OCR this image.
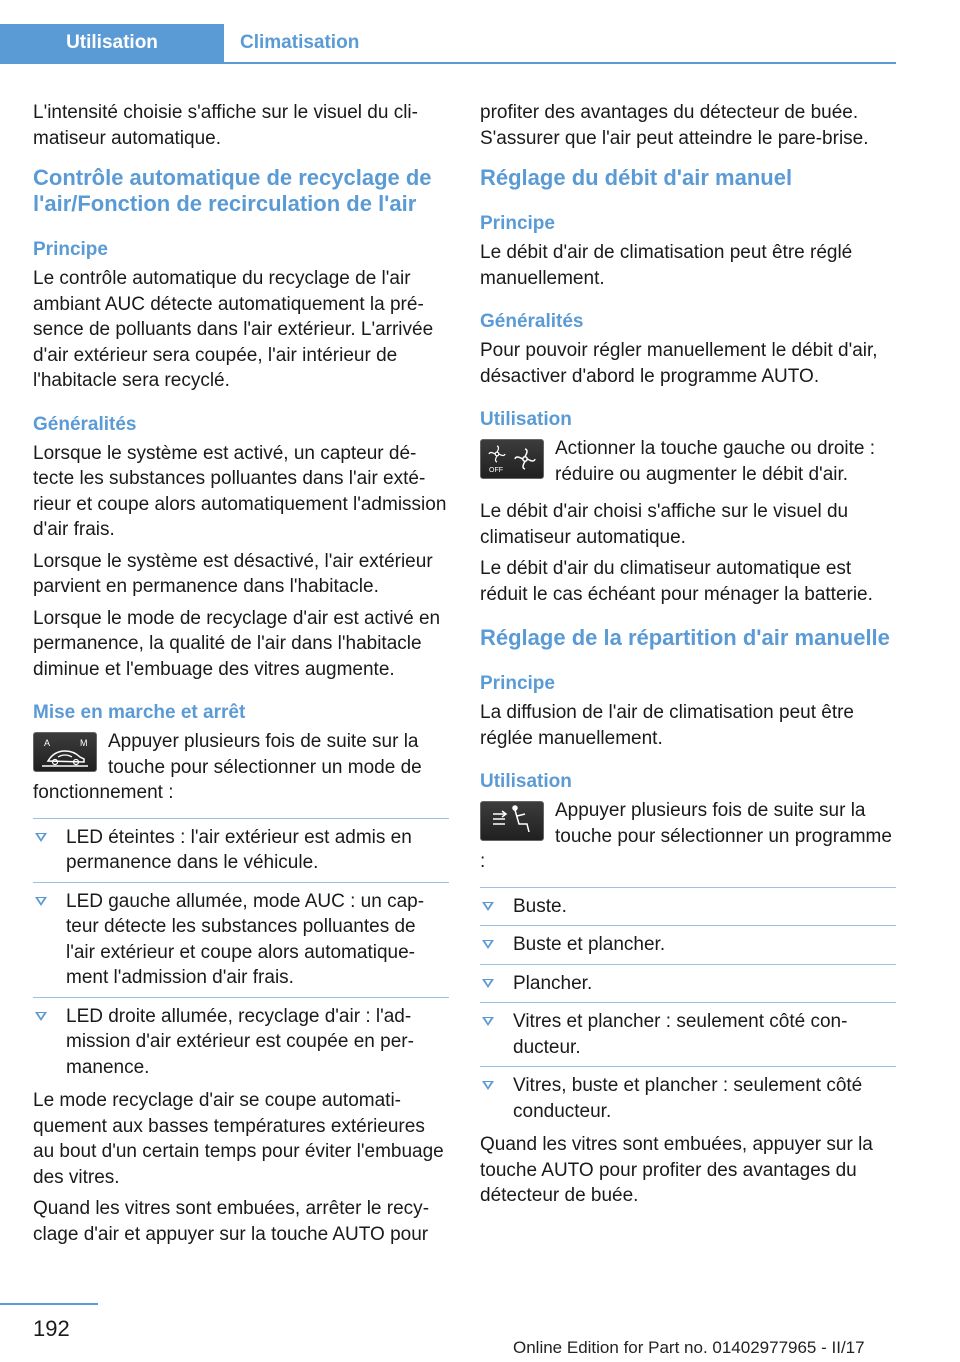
Utilisation	Climatisation

L'intensité choisie s'affiche sur le visuel du climatiseur automatique.

Contrôle automatique de recyclage de l'air/Fonction de recirculation de l'air
Principe

Le contrôle automatique du recyclage de l'air ambiant AUC détecte automatiquement la présence de polluants dans l'air extérieur. L'arrivée d'air extérieur sera coupée, l'air intérieur de l'habitacle sera recyclé.

Généralités

Lorsque le système est activé, un capteur détecte les substances polluantes dans l'air extérieur et coupe alors automatiquement l'admission d'air frais.

Lorsque le système est désactivé, l'air extérieur parvient en permanence dans l'habitacle.

Lorsque le mode de recyclage d'air est activé en permanence, la qualité de l'air dans l'habitacle diminue et l'embuage des vitres augmente.

Mise en marche et arrêt
A	M Appuyer plusieurs fois de suite sur la touche pour sélectionner un mode de fonctionnement :
LED éteintes : l'air extérieur est admis en permanence dans le véhicule.
LED gauche allumée, mode AUC : un capteur détecte les substances polluantes de l'air extérieur et coupe alors automatiquement l'admission d'air frais.
LED droite allumée, recyclage d'air : l'admission d'air extérieur est coupée en permanence.

Le mode recyclage d'air se coupe automatiquement aux basses températures extérieures au bout d'un certain temps pour éviter l'embuage des vitres.

Quand les vitres sont embuées, arrêter le recyclage d'air et appuyer sur la touche AUTO pour

profiter des avantages du détecteur de buée. S'assurer que l'air peut atteindre le pare-brise.

Réglage du débit d'air manuel
Principe

Le débit d'air de climatisation peut être réglé manuellement.

Généralités

Pour pouvoir régler manuellement le débit d'air, désactiver d'abord le programme AUTO.

Utilisation
OFF
Actionner la touche gauche ou droite : réduire ou augmenter le débit d'air.

Le débit d'air choisi s'affiche sur le visuel du climatiseur automatique.

Le débit d'air du climatiseur automatique est réduit le cas échéant pour ménager la batterie.

Réglage de la répartition d'air manuelle
Principe

La diffusion de l'air de climatisation peut être réglée manuellement.

Utilisation
Appuyer plusieurs fois de suite sur la touche pour sélectionner un programme :
Buste.
Buste et plancher.
Plancher.
Vitres et plancher : seulement côté conducteur.
Vitres, buste et plancher : seulement côté conducteur.

Quand les vitres sont embuées, appuyer sur la touche AUTO pour profiter des avantages du détecteur de buée.

192
Online Edition for Part no. 01402977965 - II/17
